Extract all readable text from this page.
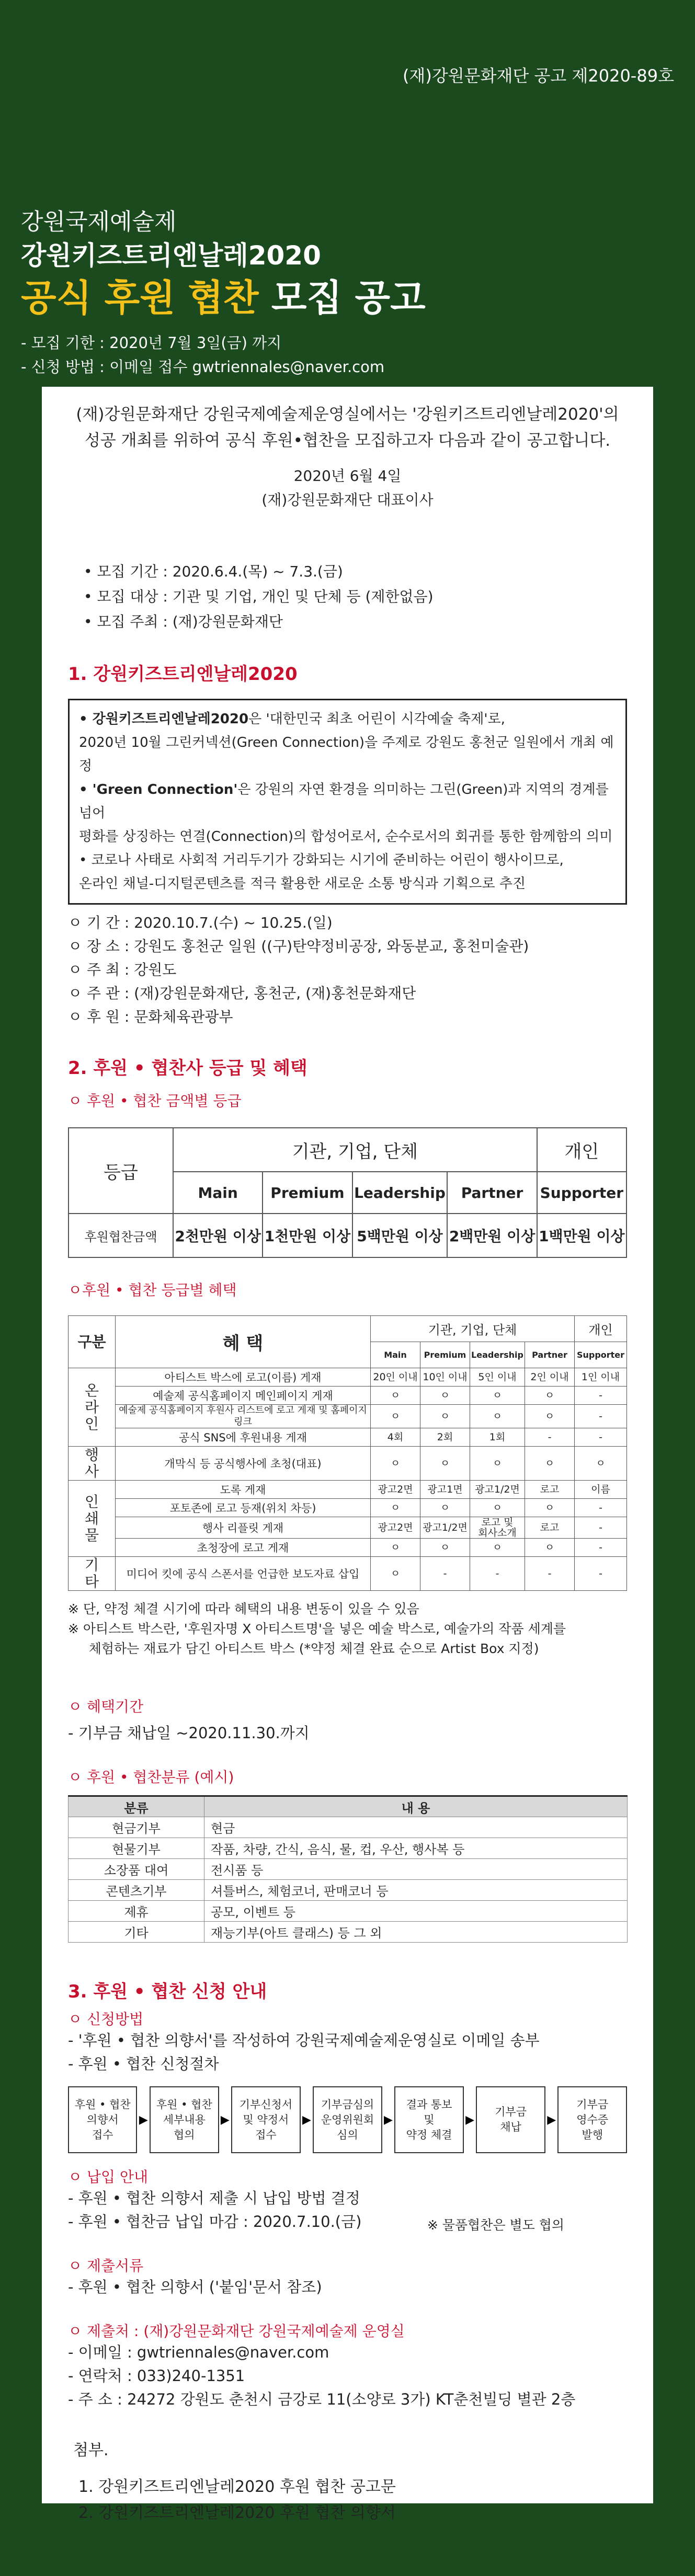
(재)강원문화재단 공고 제2020-89호
강원국제예술제
강원키즈트리엔날레2020
공식 후원 협찬 모집 공고
- 모집 기한 : 2020년 7월 3일(금) 까지
- 신청 방법 : 이메일 접수 gwtriennales@naver.com
(재)강원문화재단 강원국제예술제운영실에서는 '강원키즈트리엔날레2020'의
성공 개최를 위하여 공식 후원•협찬을 모집하고자 다음과 같이 공고합니다.
2020년 6월 4일
(재)강원문화재단 대표이사
• 모집 기간 : 2020.6.4.(목) ~ 7.3.(금)
• 모집 대상 : 기관 및 기업, 개인 및 단체 등 (제한없음)
• 모집 주최 : (재)강원문화재단
1. 강원키즈트리엔날레2020
• 강원키즈트리엔날레2020은 '대한민국 최초 어린이 시각예술 축제'로,
2020년 10월 그린커넥션(Green Connection)을 주제로 강원도 홍천군 일원에서 개최 예정
• 'Green Connection'은 강원의 자연 환경을 의미하는 그린(Green)과 지역의 경계를 넘어
평화를 상징하는 연결(Connection)의 합성어로서, 순수로서의 회귀를 통한 함께함의 의미
• 코로나 사태로 사회적 거리두기가 강화되는 시기에 준비하는 어린이 행사이므로,
온라인 채널-디지털콘텐츠를 적극 활용한 새로운 소통 방식과 기획으로 추진
ㅇ 기 간 : 2020.10.7.(수) ~ 10.25.(일)
ㅇ 장 소 : 강원도 홍천군 일원 ((구)탄약정비공장, 와동분교, 홍천미술관)
ㅇ 주 최 : 강원도
ㅇ 주 관 : (재)강원문화재단, 홍천군, (재)홍천문화재단
ㅇ 후 원 : 문화체육관광부
2. 후원 • 협찬사 등급 및 혜택
ㅇ 후원 • 협찬 금액별 등급
등급	기관, 기업, 단체				개인
	Main	Premium	Leadership	Partner	Supporter
후원협찬금액	2천만원 이상	1천만원 이상	5백만원 이상	2백만원 이상	1백만원 이상
ㅇ후원 • 협찬 등급별 혜택
구분	혜 택	기관, 기업, 단체				개인
		Main	Premium	Leadership	Partner	Supporter
온
라
인	아티스트 박스에 로고(이름) 게재	20인 이내	10인 이내	5인 이내	2인 이내	1인 이내
	예술제 공식홈페이지 메인페이지 게재	ㅇ	ㅇ	ㅇ	ㅇ	-
	예술제 공식홈페이지 후원사 리스트에 로고 게재 및 홈페이지 링크	ㅇ	ㅇ	ㅇ	ㅇ	-
	공식 SNS에 후원내용 게재	4회	2회	1회	-	-
행
사	개막식 등 공식행사에 초청(대표)	ㅇ	ㅇ	ㅇ	ㅇ	ㅇ
인
쇄
물	도록 게재	광고2면	광고1면	광고1/2면	로고	이름
	포토존에 로고 등재(위치 차등)	ㅇ	ㅇ	ㅇ	ㅇ	-
	행사 리플릿 게재	광고2면	광고1/2면	로고 및
회사소개	로고	-
	초청장에 로고 게재	ㅇ	ㅇ	ㅇ	ㅇ	-
기
타	미디어 킷에 공식 스폰서를 언급한 보도자료 삽입	ㅇ	-	-	-	-
※ 단, 약정 체결 시기에 따라 혜택의 내용 변동이 있을 수 있음
※ 아티스트 박스란, '후원자명 X 아티스트명'을 넣은 예술 박스로, 예술가의 작품 세계를
체험하는 재료가 담긴 아티스트 박스 (*약정 체결 완료 순으로 Artist Box 지정)
ㅇ 혜택기간
- 기부금 채납일 ~2020.11.30.까지
ㅇ 후원 • 협찬분류 (예시)
분류	내 용
현금기부	현금
현물기부	작품, 차량, 간식, 음식, 물, 컵, 우산, 행사복 등
소장품 대여	전시품 등
콘텐츠기부	셔틀버스, 체험코너, 판매코너 등
제휴	공모, 이벤트 등
기타	재능기부(아트 클래스) 등 그 외
3. 후원 • 협찬 신청 안내
ㅇ 신청방법
- '후원 • 협찬 의향서'를 작성하여 강원국제예술제운영실로 이메일 송부
- 후원 • 협찬 신청절차
후원 • 협찬
의향서
접수
▶
후원 • 협찬
세부내용
협의
▶
기부신청서
및 약정서
접수
▶
기부금심의
운영위원회
심의
▶
결과 통보
및
약정 체결
▶
기부금
채납
▶
기부금
영수증
발행
ㅇ 납입 안내
- 후원 • 협찬 의향서 제출 시 납입 방법 결정
- 후원 • 협찬금 납입 마감 : 2020.7.10.(금)	※ 물품협찬은 별도 협의
ㅇ 제출서류
- 후원 • 협찬 의향서 ('붙임'문서 참조)
ㅇ 제출처 : (재)강원문화재단 강원국제예술제 운영실
- 이메일 : gwtriennales@naver.com
- 연락처 : 033)240-1351
- 주 소 : 24272 강원도 춘천시 금강로 11(소양로 3가) KT춘천빌딩 별관 2층
첨부.
1. 강원키즈트리엔날레2020 후원 협찬 공고문
2. 강원키즈트리엔날레2020 후원 협찬 의향서
